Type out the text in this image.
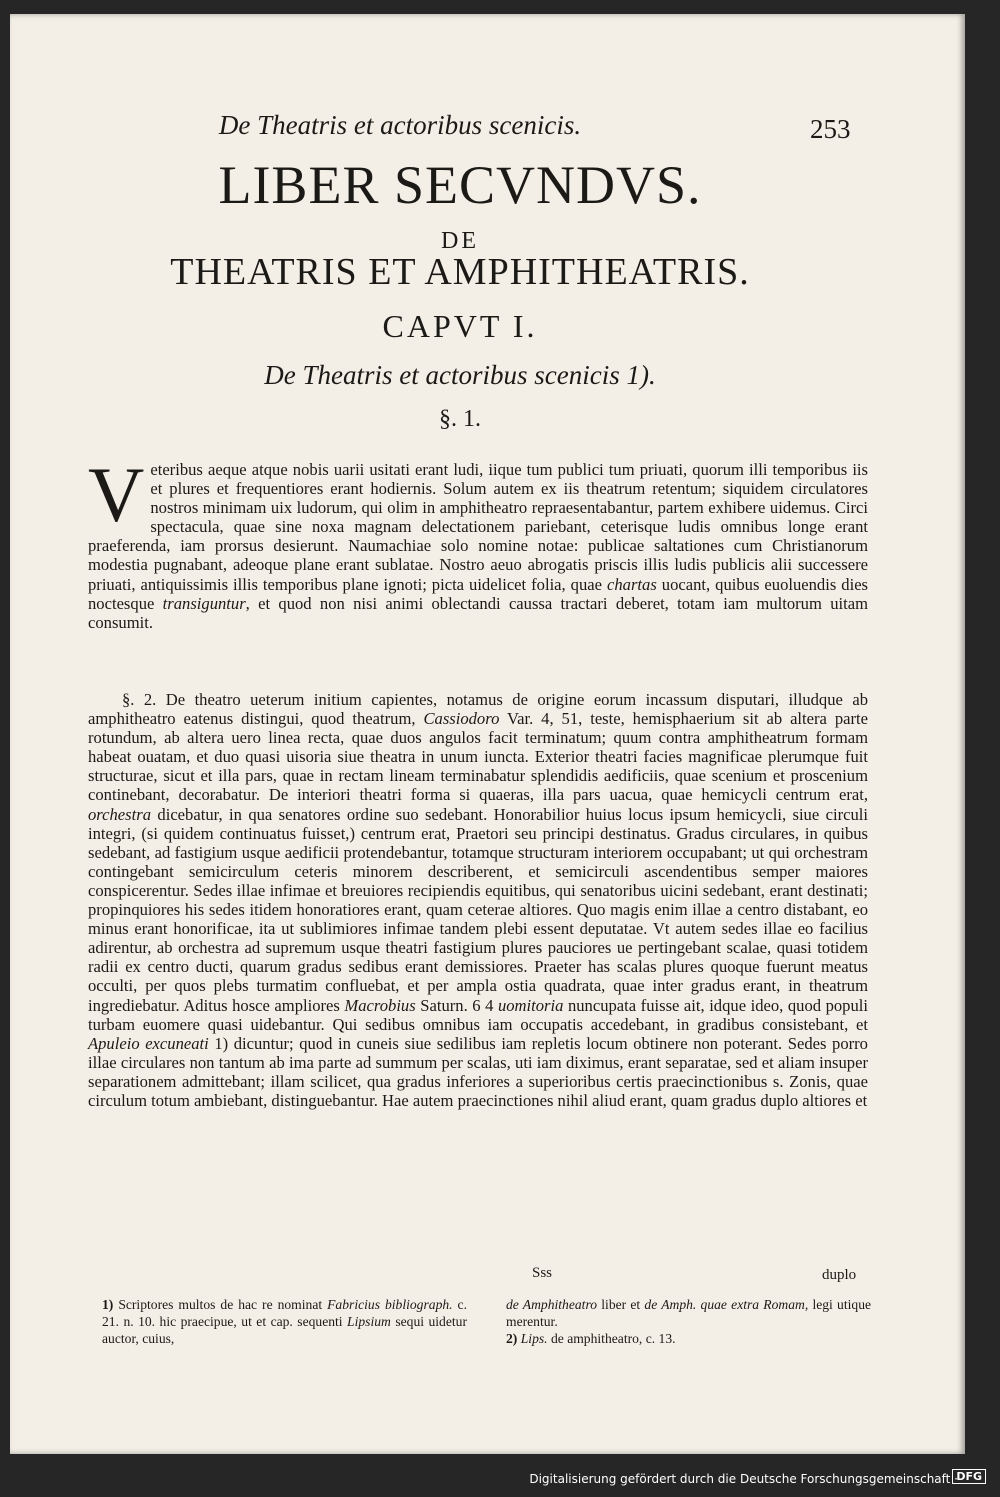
De Theatris et actoribus scenicis.	253
LIBER SECVNDVS.
DE
THEATRIS ET AMPHITHEATRIS.
CAPVT I.
De Theatris et actoribus scenicis 1).
§. 1.

Veteribus aeque atque nobis uarii usitati erant ludi, iique tum publici tum priuati, quorum illi temporibus iis et plures et frequentiores erant hodiernis. Solum autem ex iis theatrum retentum; siquidem circulatores nostros minimam uix ludorum, qui olim in amphitheatro repraesentabantur, partem exhibere uidemus. Circi spectacula, quae sine noxa magnam delectationem pariebant, ceterisque ludis omnibus longe erant praeferenda, iam prorsus desierunt. Naumachiae solo nomine notae: publicae saltationes cum Christianorum modestia pugnabant, adeoque plane erant sublatae. Nostro aeuo abrogatis priscis illis ludis publicis alii successere priuati, antiquissimis illis temporibus plane ignoti; picta uidelicet folia, quae chartas uocant, quibus euoluendis dies noctesque transiguntur, et quod non nisi animi oblectandi caussa tractari deberet, totam iam multorum uitam consumit.

§. 2. De theatro ueterum initium capientes, notamus de origine eorum incassum disputari, illudque ab amphitheatro eatenus distingui, quod theatrum, Cassiodoro Var. 4, 51, teste, hemisphaerium sit ab altera parte rotundum, ab altera uero linea recta, quae duos angulos facit terminatum; quum contra amphitheatrum formam habeat ouatam, et duo quasi uisoria siue theatra in unum iuncta. Exterior theatri facies magnificae plerumque fuit structurae, sicut et illa pars, quae in rectam lineam terminabatur splendidis aedificiis, quae scenium et proscenium continebant, decorabatur. De interiori theatri forma si quaeras, illa pars uacua, quae hemicycli centrum erat, orchestra dicebatur, in qua senatores ordine suo sedebant. Honorabilior huius locus ipsum hemicycli, siue circuli integri, (si quidem continuatus fuisset,) centrum erat, Praetori seu principi destinatus. Gradus circulares, in quibus sedebant, ad fastigium usque aedificii protendebantur, totamque structuram interiorem occupabant; ut qui orchestram contingebant semicirculum ceteris minorem describerent, et semicirculi ascendentibus semper maiores conspicerentur. Sedes illae infimae et breuiores recipiendis equitibus, qui senatoribus uicini sedebant, erant destinati; propinquiores his sedes itidem honoratiores erant, quam ceterae altiores. Quo magis enim illae a centro distabant, eo minus erant honorificae, ita ut sublimiores infimae tandem plebi essent deputatae. Vt autem sedes illae eo facilius adirentur, ab orchestra ad supremum usque theatri fastigium plures pauciores ue pertingebant scalae, quasi totidem radii ex centro ducti, quarum gradus sedibus erant demissiores. Praeter has scalas plures quoque fuerunt meatus occulti, per quos plebs turmatim confluebat, et per ampla ostia quadrata, quae inter gradus erant, in theatrum ingrediebatur. Aditus hosce ampliores Macrobius Saturn. 6 4 uomitoria nuncupata fuisse ait, idque ideo, quod populi turbam euomere quasi uidebantur. Qui sedibus omnibus iam occupatis accedebant, in gradibus consistebant, et Apuleio excuneati 1) dicuntur; quod in cuneis siue sedilibus iam repletis locum obtinere non poterant. Sedes porro illae circulares non tantum ab ima parte ad summum per scalas, uti iam diximus, erant separatae, sed et aliam insuper separationem admittebant; illam scilicet, qua gradus inferiores a superioribus certis praecinctionibus s. Zonis, quae circulum totum ambiebant, distinguebantur. Hae autem praecinctiones nihil aliud erant, quam gradus duplo altiores et

Sss	duplo

1) Scriptores multos de hac re nominat Fabricius bibliograph. c. 21. n. 10. hic praecipue, ut et cap. sequenti Lipsium sequi uidetur auctor, cuius,

de Amphitheatro liber et de Amph. quae extra Romam, legi utique merentur.
2) Lips. de amphitheatro, c. 13.

Digitalisierung gefördert durch die Deutsche Forschungsgemeinschaft ·
DFG
